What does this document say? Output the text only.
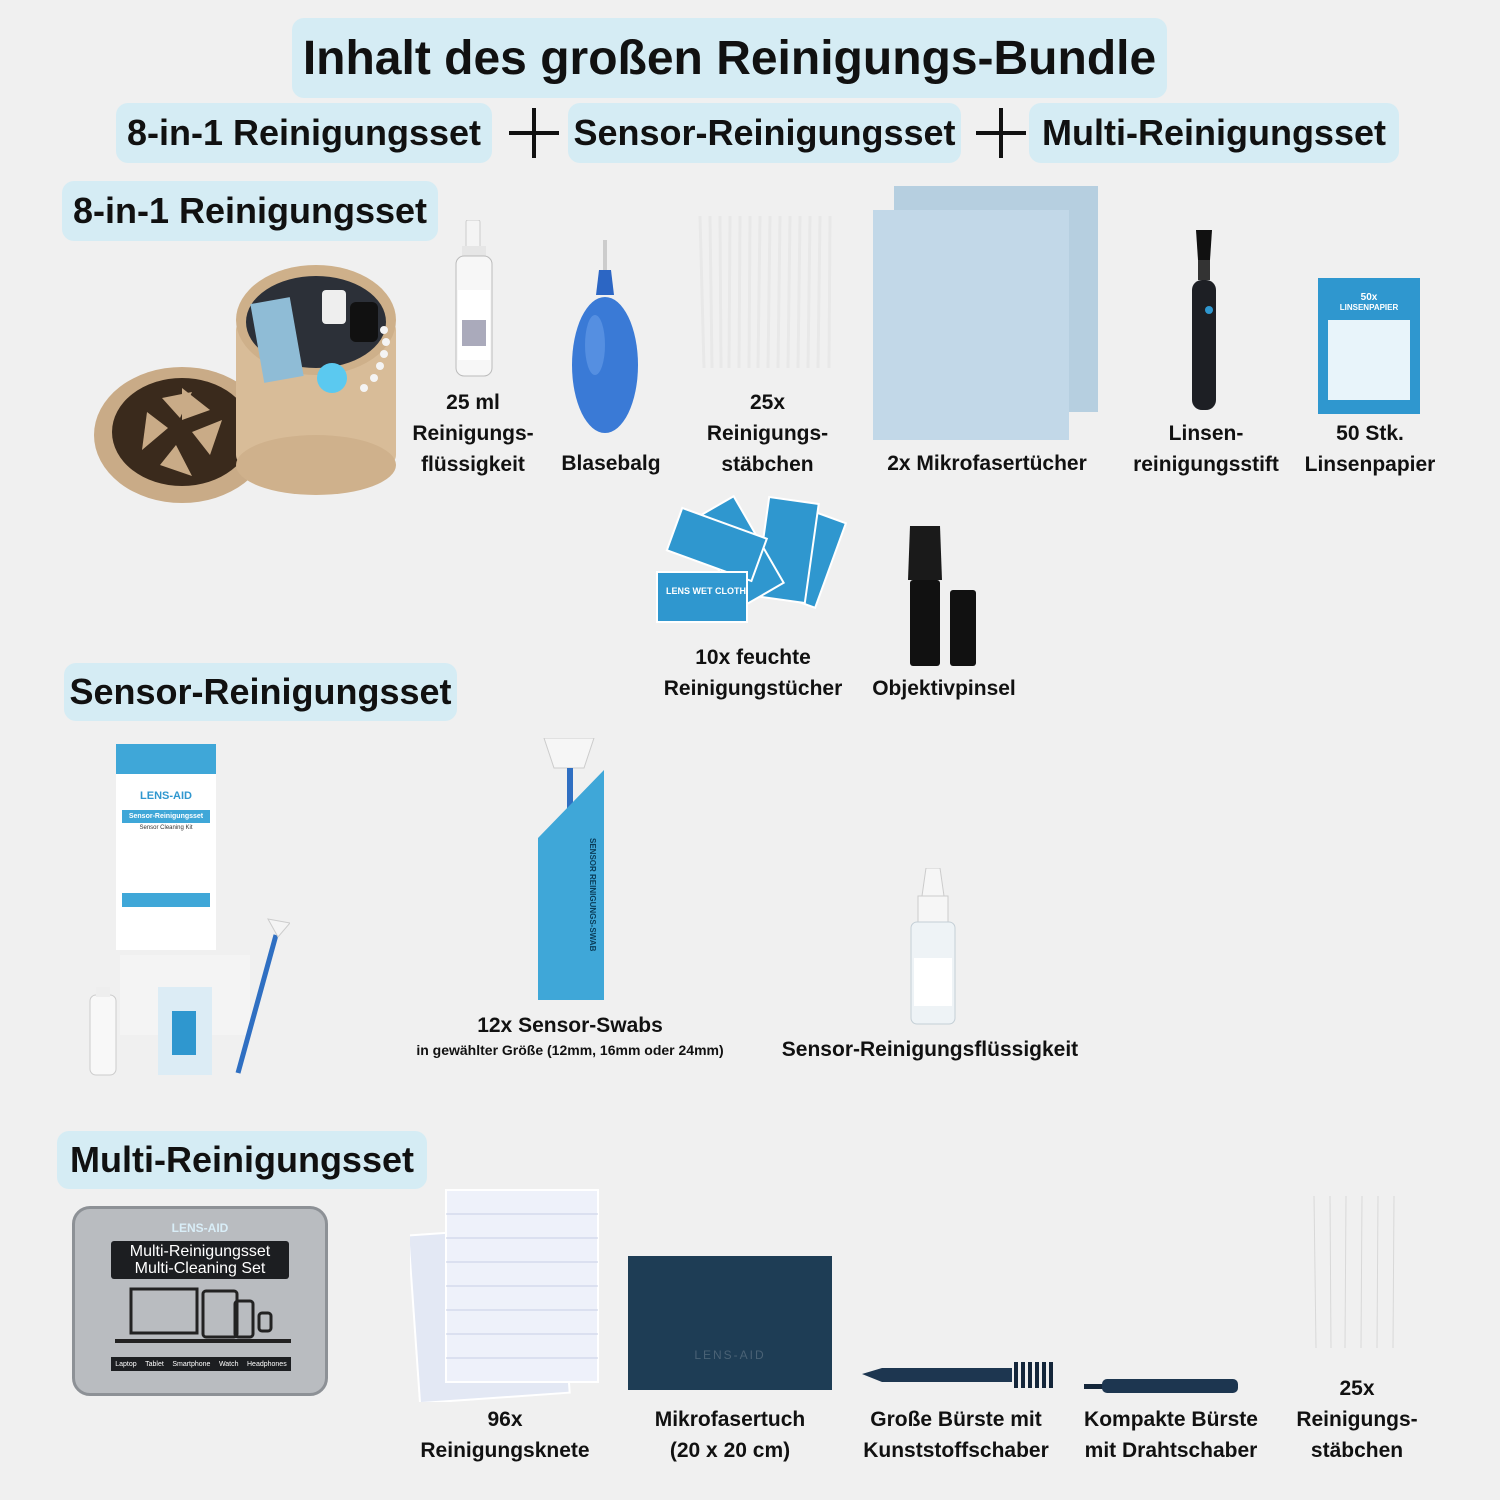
Inhalt des großen Reinigungs-Bundle
8-in-1 Reinigungsset	Sensor-Reinigungsset	Multi-Reinigungsset
8-in-1 Reinigungsset
25 ml
Reinigungs-
flüssigkeit	Blasebalg
25x
Reinigungs-
stäbchen	2x Mikrofasertücher
Linsen-
reinigungsstift
50x
LINSENPAPIER
50 Stk.
Linsenpapier
LENS WET CLOTH
10x feuchte
Reinigungstücher	Objektivpinsel
Sensor-Reinigungsset
LENS-AID
Sensor-Reinigungsset
Sensor Cleaning Kit
SENSOR REINIGUNGS-SWAB
12x Sensor-Swabs
in gewählter Größe (12mm, 16mm oder 24mm)	Sensor-Reinigungsflüssigkeit
Multi-Reinigungsset
LENS-AID
Multi-Reinigungsset
Multi-Cleaning Set
Laptop Tablet Smartphone Watch Headphones
96x
Reinigungsknete
LENS-AID
Mikrofasertuch
(20 x 20 cm)
Große Bürste mit
Kunststoffschaber
Kompakte Bürste
mit Drahtschaber
25x
Reinigungs-
stäbchen
